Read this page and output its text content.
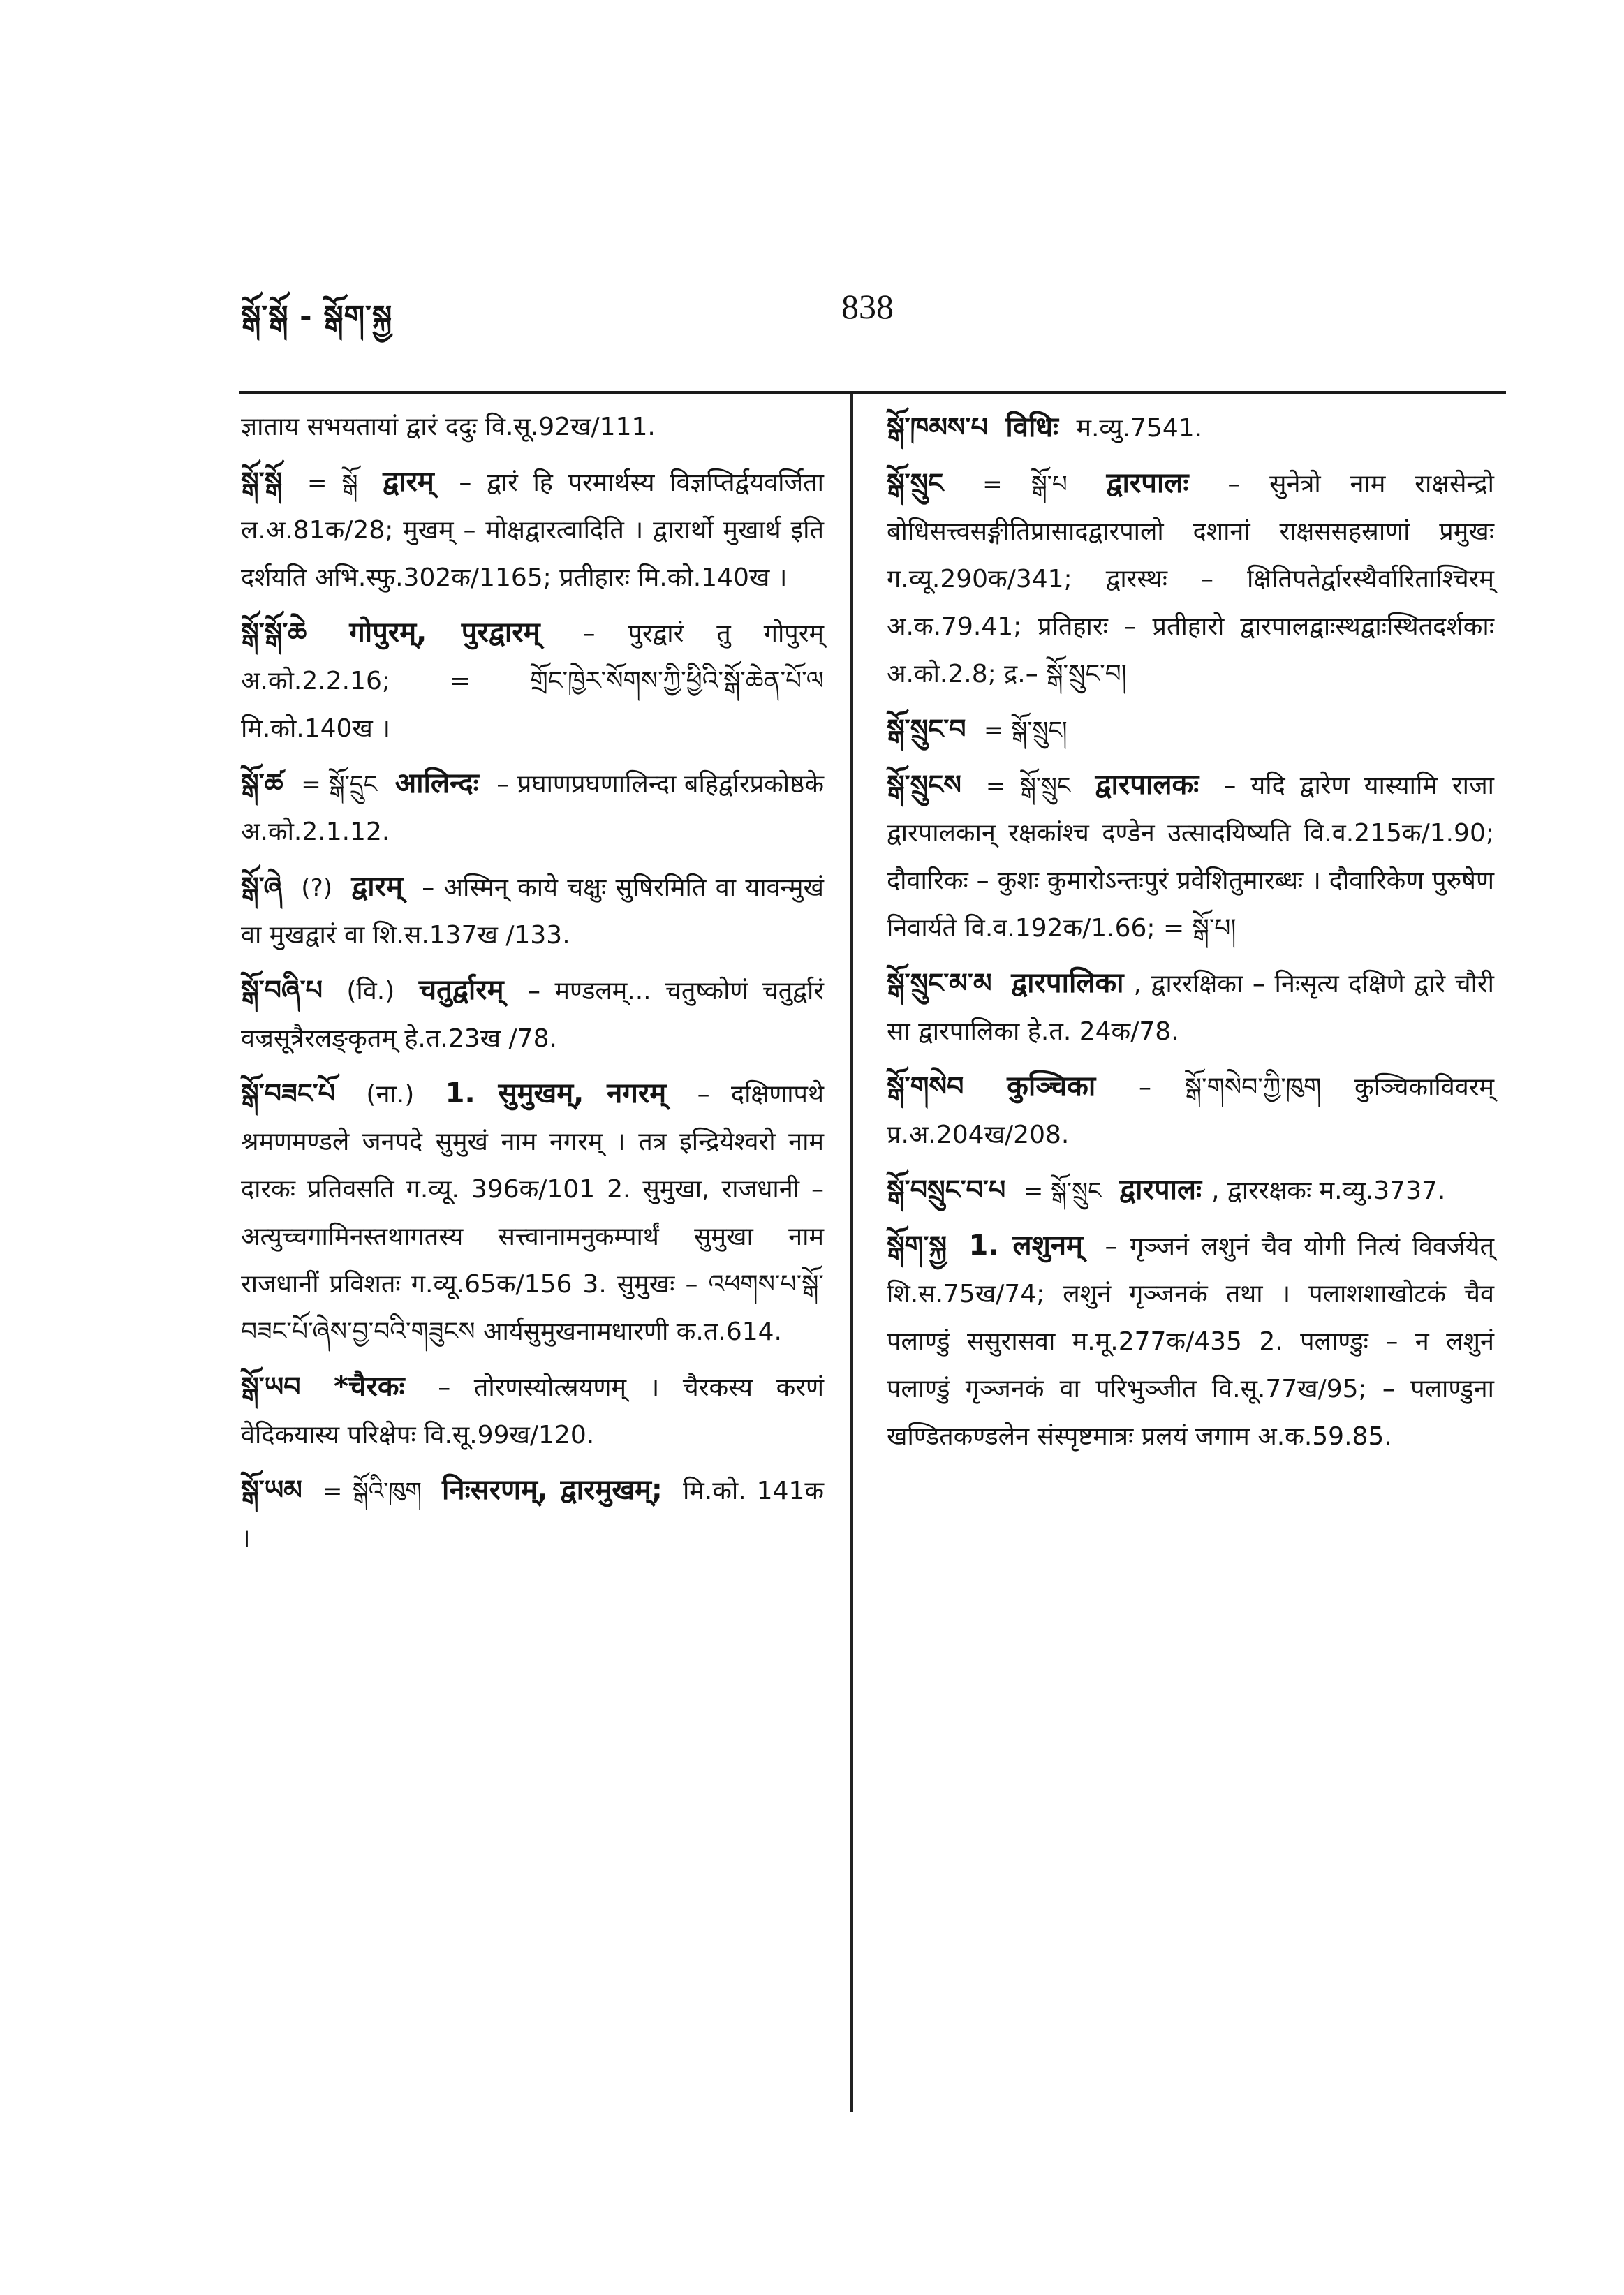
སྒོ་སྒོ - སྒོག་སྐྱ	838
ज्ञाताय सभयतायां द्वारं ददुः वि.सू.92ख/111.
སྒོ་སྒོ = སྒོ द्वारम् – द्वारं हि परमार्थस्य विज्ञप्तिर्द्वयवर्जिता ल.अ.81क/28; मुखम् – मोक्षद्वारत्वादिति । द्वारार्थो मुखार्थ इति दर्शयति अभि.स्फु.302क/1165; प्रतीहारः मि.को.140ख ।
སྒོ་སྒོ་ཆེ गोपुरम्, पुरद्वारम् – पुरद्वारं तु गोपुरम् अ.को.2.2.16; = གྲོང་ཁྱེར་སོགས་ཀྱི་ཕྱིའི་སྒོ་ཆེན་པོ་ལ मि.को.140ख ।
སྒོ་ཚ = སྒོ་དྲུང आलिन्दः – प्रघाणप्रघणालिन्दा बहिर्द्वारप्रकोष्ठके अ.को.2.1.12.
སྒོ་ཞེ (?) द्वारम् – अस्मिन् काये चक्षुः सुषिरमिति वा यावन्मुखं वा मुखद्वारं वा शि.स.137ख /133.
སྒོ་བཞི་པ (वि.) चतुर्द्वारम् – मण्डलम्... चतुष्कोणं चतुर्द्वारं वज्रसूत्रैरलङ्कृतम् हे.त.23ख /78.
སྒོ་བཟང་པོ (ना.) 1. सुमुखम्, नगरम् – दक्षिणापथे श्रमणमण्डले जनपदे सुमुखं नाम नगरम् । तत्र इन्द्रियेश्वरो नाम दारकः प्रतिवसति ग.व्यू. 396क/101 2. सुमुखा, राजधानी – अत्युच्चगामिनस्तथागतस्य सत्त्वानामनुकम्पार्थं सुमुखा नाम राजधानीं प्रविशतः ग.व्यू.65क/156 3. सुमुखः – འཕགས་པ་སྒོ་བཟང་པོ་ཞེས་བྱ་བའི་གཟུངས आर्यसुमुखनामधारणी क.त.614.
སྒོ་ཡབ *चैरकः – तोरणस्योत्स्रयणम् । चैरकस्य करणं वेदिकयास्य परिक्षेपः वि.सू.99ख/120.
སྒོ་ཡམ = སྒོའི་ཁུག निःसरणम्, द्वारमुखम्; मि.को. 141क ।
སྒོ་ཁམས་པ विधिः म.व्यु.7541.
སྒོ་སྲུང = སྒོ་པ द्वारपालः – सुनेत्रो नाम राक्षसेन्द्रो बोधिसत्त्वसङ्गीतिप्रासादद्वारपालो दशानां राक्षससहस्राणां प्रमुखः ग.व्यू.290क/341; द्वारस्थः – क्षितिपतेर्द्वारस्थैर्वारिताश्चिरम् अ.क.79.41; प्रतिहारः – प्रतीहारो द्वारपालद्वाःस्थद्वाःस्थितदर्शकाः अ.को.2.8; द्र.– སྒོ་སྲུང་བ།
སྒོ་སྲུང་བ = སྒོ་སྲུང།
སྒོ་སྲུངས = སྒོ་སྲུང द्वारपालकः – यदि द्वारेण यास्यामि राजा द्वारपालकान् रक्षकांश्च दण्डेन उत्सादयिष्यति वि.व.215क/1.90; दौवारिकः – कुशः कुमारोऽन्तःपुरं प्रवेशितुमारब्धः । दौवारिकेण पुरुषेण निवार्यते वि.व.192क/1.66; = སྒོ་པ།
སྒོ་སྲུང་མ་མ द्वारपालिका , द्वाररक्षिका – निःसृत्य दक्षिणे द्वारे चौरी सा द्वारपालिका हे.त. 24क/78.
སྒོ་གསེབ कुञ्चिका – སྒོ་གསེབ་ཀྱི་ཁུག कुञ्चिकाविवरम् प्र.अ.204ख/208.
སྒོ་བསྲུང་བ་པ = སྒོ་སྲུང द्वारपालः , द्वाररक्षकः म.व्यु.3737.
སྒོག་སྐྱ 1. लशुनम् – गृञ्जनं लशुनं चैव योगी नित्यं विवर्जयेत् शि.स.75ख/74; लशुनं गृञ्जनकं तथा । पलाशशाखोटकं चैव पलाण्डुं ससुरासवा म.मू.277क/435 2. पलाण्डुः – न लशुनं पलाण्डुं गृञ्जनकं वा परिभुञ्जीत वि.सू.77ख/95; – पलाण्डुना खण्डितकण्डलेन संस्पृष्टमात्रः प्रलयं जगाम अ.क.59.85.
